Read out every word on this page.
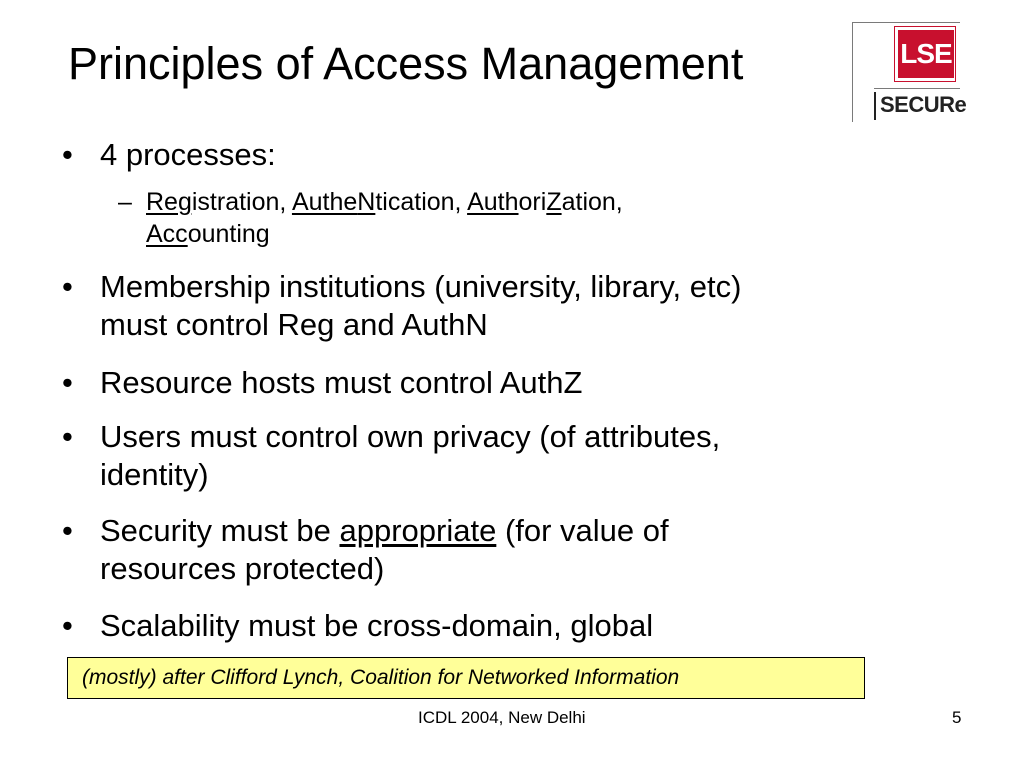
Principles of Access Management	LSE
SECURe
• 4 processes:
– Registration, AutheNtication, AuthoriZation,
Accounting
• Membership institutions (university, library, etc)
must control Reg and AuthN
• Resource hosts must control AuthZ
• Users must control own privacy (of attributes,
identity)
• Security must be appropriate (for value of
resources protected)
• Scalability must be cross-domain, global
(mostly) after Clifford Lynch, Coalition for Networked Information
ICDL 2004, New Delhi	5
